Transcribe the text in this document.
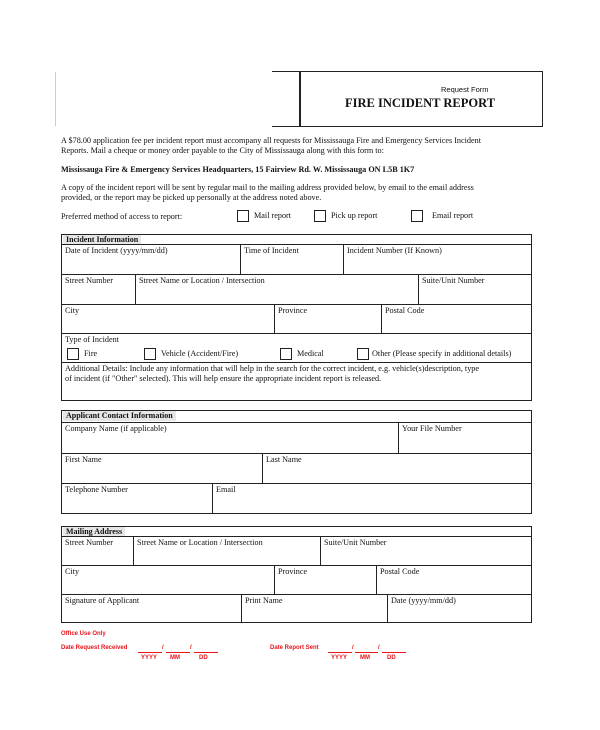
Request Form
FIRE INCIDENT REPORT
A $78.00 application fee per incident report must accompany all requests for Mississauga Fire and Emergency Services Incident
Reports. Mail a cheque or money order payable to the City of Mississauga along with this form to:
Mississauga Fire & Emergency Services Headquarters, 15 Fairview Rd. W. Mississauga ON L5B 1K7
A copy of the incident report will be sent by regular mail to the mailing address provided below, by email to the email address
provided, or the report may be picked up personally at the address noted above.
Preferred method of access to report:	Mail report	Pick up report	Email report
Incident Information
Date of Incident (yyyy/mm/dd)	Time of Incident	Incident Number (If Known)
Street Number	Street Name or Location / Intersection	Suite/Unit Number
City	Province	Postal Code
Type of Incident
Fire	Vehicle (Accident/Fire)	Medical	Other (Please specify in additional details)
Additional Details: Include any information that will help in the search for the correct incident, e.g. vehicle(s)description, type
of incident (if "Other" selected). This will help ensure the appropriate incident report is released.
Applicant Contact Information
Company Name (if applicable)	Your File Number
First Name	Last Name
Telephone Number	Email
Mailing Address
Street Number	Street Name or Location / Intersection	Suite/Unit Number
City	Province	Postal Code
Signature of Applicant	Print Name	Date (yyyy/mm/dd)
Office Use Only
Date Request Received	/	/
YYYY MM	DD
Date Report Sent	/	/
YYYY MM	DD
